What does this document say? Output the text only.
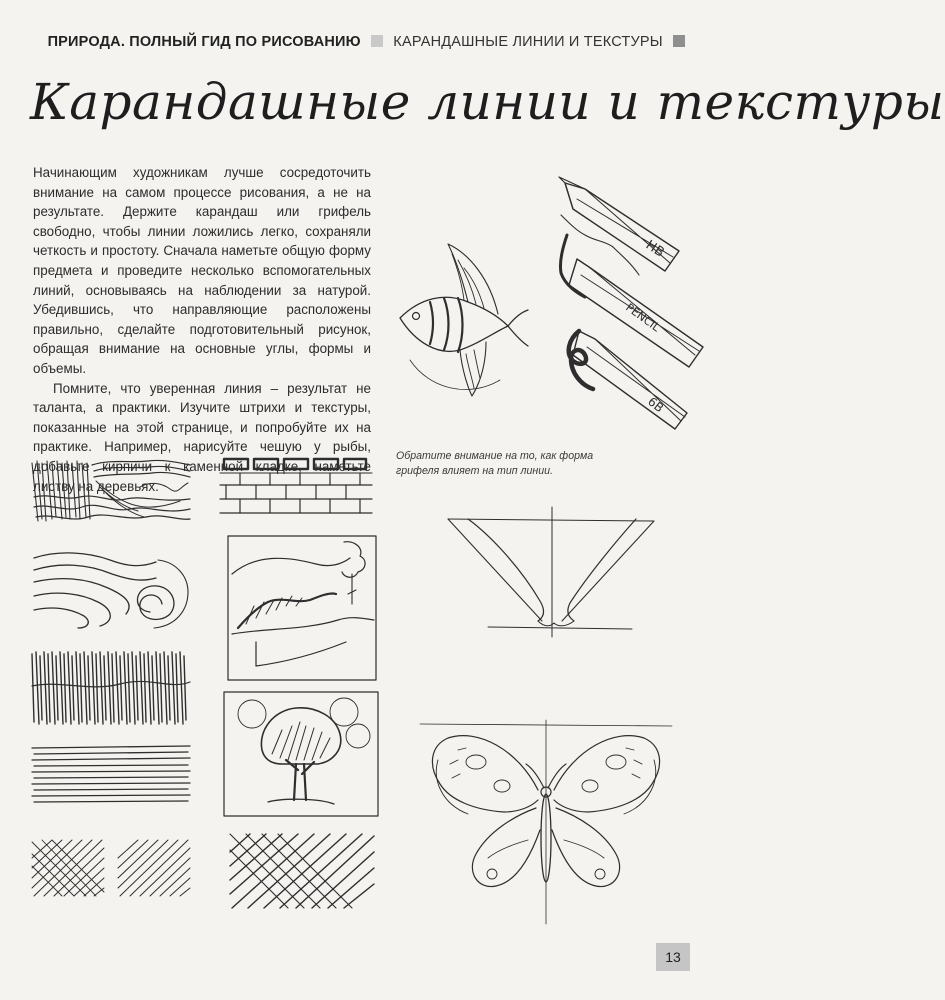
ПРИРОДА. ПОЛНЫЙ ГИД ПО РИСОВАНИЮ КАРАНДАШНЫЕ ЛИНИИ И ТЕКСТУРЫ
Карандашные линии и текстуры

Начинающим художникам лучше сосредоточить внимание на самом процессе рисования, а не на результате. Держите карандаш или грифель свободно, чтобы линии ложились легко, сохраняли четкость и простоту. Сначала наметьте общую форму предмета и проведите несколько вспомогательных линий, основываясь на наблюдении за натурой. Убедившись, что направляющие расположены правильно, сделайте подготовительный рисунок, обращая внимание на основные углы, формы и объемы.

Помните, что уверенная линия – результат не таланта, а практики. Изучите штрихи и текстуры, показанные на этой странице, и попробуйте их на практике. Например, нарисуйте чешую у рыбы, добавьте кирпичи к каменной кладке, наметьте листву на деревьях.

HB
PENCIL
6B
Обратите внимание на то, как форма грифеля влияет на тип линии.
13
